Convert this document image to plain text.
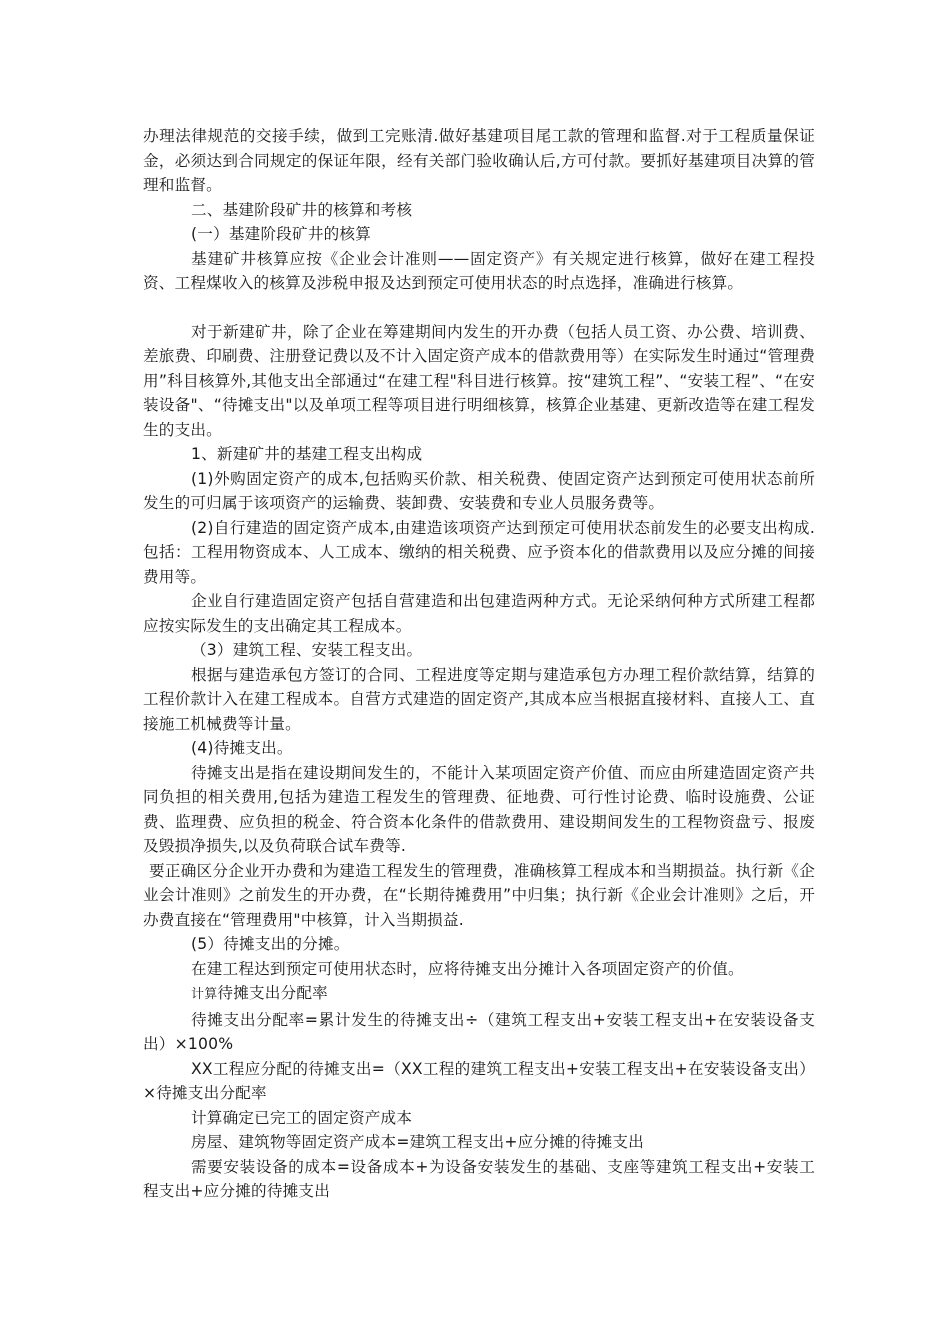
办理法律规范的交接手续，做到工完账清.做好基建项目尾工款的管理和监督.对于工程质量保证金，必须达到合同规定的保证年限，经有关部门验收确认后,方可付款。要抓好基建项目决算的管理和监督。

二、基建阶段矿井的核算和考核

(一）基建阶段矿井的核算

基建矿井核算应按《企业会计准则——固定资产》有关规定进行核算，做好在建工程投资、工程煤收入的核算及涉税申报及达到预定可使用状态的时点选择，准确进行核算。

对于新建矿井，除了企业在筹建期间内发生的开办费（包括人员工资、办公费、培训费、差旅费、印刷费、注册登记费以及不计入固定资产成本的借款费用等）在实际发生时通过“管理费用”科目核算外,其他支出全部通过“在建工程"科目进行核算。按“建筑工程”、“安装工程”、“在安装设备"、“待摊支出"以及单项工程等项目进行明细核算，核算企业基建、更新改造等在建工程发生的支出。

1、新建矿井的基建工程支出构成

(1)外购固定资产的成本,包括购买价款、相关税费、使固定资产达到预定可使用状态前所发生的可归属于该项资产的运输费、装卸费、安装费和专业人员服务费等。

(2)自行建造的固定资产成本,由建造该项资产达到预定可使用状态前发生的必要支出构成.包括：工程用物资成本、人工成本、缴纳的相关税费、应予资本化的借款费用以及应分摊的间接费用等。

企业自行建造固定资产包括自营建造和出包建造两种方式。无论采纳何种方式所建工程都应按实际发生的支出确定其工程成本。

（3）建筑工程、安装工程支出。

根据与建造承包方签订的合同、工程进度等定期与建造承包方办理工程价款结算，结算的工程价款计入在建工程成本。自营方式建造的固定资产,其成本应当根据直接材料、直接人工、直接施工机械费等计量。

(4)待摊支出。

待摊支出是指在建设期间发生的，不能计入某项固定资产价值、而应由所建造固定资产共同负担的相关费用,包括为建造工程发生的管理费、征地费、可行性讨论费、临时设施费、公证费、监理费、应负担的税金、符合资本化条件的借款费用、建设期间发生的工程物资盘亏、报废及毁损净损失,以及负荷联合试车费等.

要正确区分企业开办费和为建造工程发生的管理费，准确核算工程成本和当期损益。执行新《企业会计准则》之前发生的开办费，在“长期待摊费用”中归集；执行新《企业会计准则》之后，开办费直接在“管理费用"中核算，计入当期损益.

(5）待摊支出的分摊。

在建工程达到预定可使用状态时，应将待摊支出分摊计入各项固定资产的价值。

计算待摊支出分配率

待摊支出分配率=累计发生的待摊支出÷（建筑工程支出+安装工程支出+在安装设备支出）×100%

XX工程应分配的待摊支出=（XX工程的建筑工程支出+安装工程支出+在安装设备支出）×待摊支出分配率

计算确定已完工的固定资产成本

房屋、建筑物等固定资产成本=建筑工程支出+应分摊的待摊支出

需要安装设备的成本=设备成本+为设备安装发生的基础、支座等建筑工程支出+安装工程支出+应分摊的待摊支出
